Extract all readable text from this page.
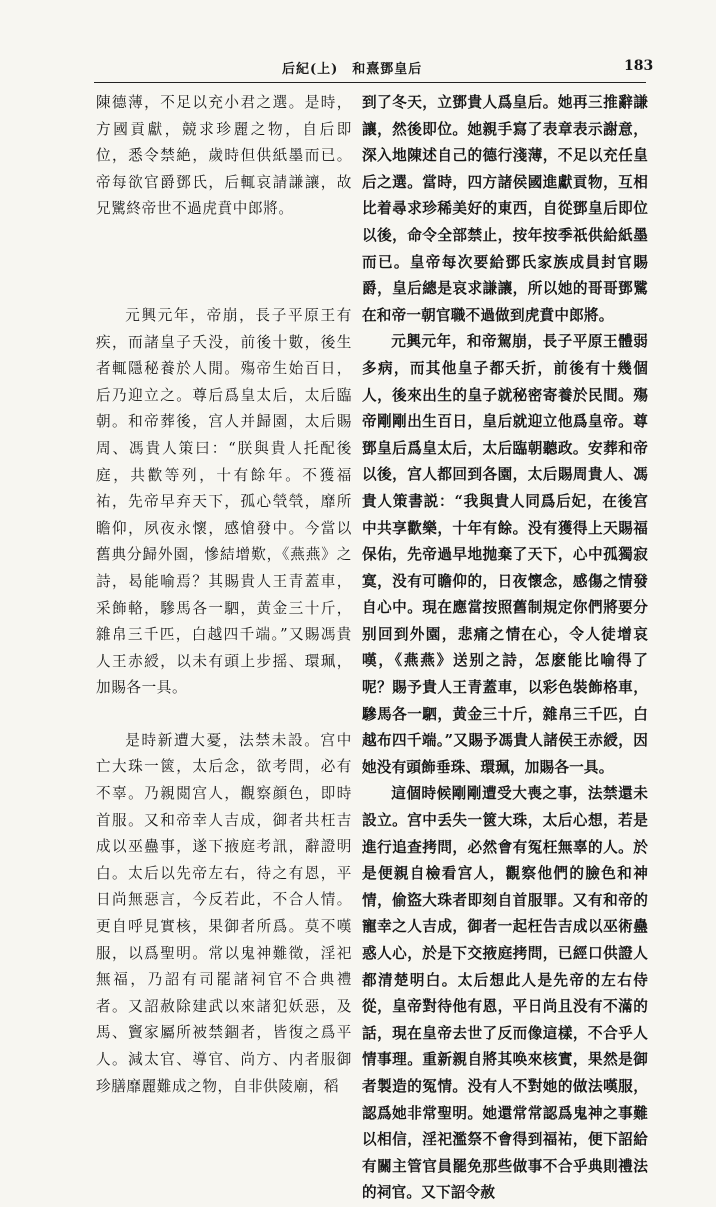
后紀(上)　和熹鄧皇后	183

陳德薄，不足以充小君之選。是時，方國貢獻，競求珍麗之物，自后即位，悉令禁絶，歲時但供紙墨而已。帝每欲官爵鄧氏，后輒哀請謙讓，故兄騭終帝世不過虎賁中郎將。

元興元年，帝崩，長子平原王有疾，而諸皇子夭没，前後十數，後生者輒隱秘養於人閒。殤帝生始百日，后乃迎立之。尊后爲皇太后，太后臨朝。和帝葬後，宫人并歸園，太后賜周、馮貴人策曰：“朕與貴人托配後庭，共歡等列，十有餘年。不獲福祐，先帝早弃天下，孤心煢煢，靡所瞻仰，夙夜永懷，感愴發中。今當以舊典分歸外園，慘結增歎，《燕燕》之詩，曷能喻焉？其賜貴人王青蓋車，采飾輅，驂馬各一駟，黄金三十斤，雜帛三千匹，白越四千端。”又賜馮貴人王赤綬，以未有頭上步摇、環珮，加賜各一具。

是時新遭大憂，法禁未設。宫中亡大珠一篋，太后念，欲考問，必有不辜。乃親閲宫人，觀察顔色，即時首服。又和帝幸人吉成，御者共枉吉成以巫蠱事，遂下掖庭考訊，辭證明白。太后以先帝左右，待之有恩，平日尚無惡言，今反若此，不合人情。更自呼見實核，果御者所爲。莫不嘆服，以爲聖明。常以鬼神難徵，淫祀無福，乃詔有司罷諸祠官不合典禮者。又詔赦除建武以來諸犯妖惡，及馬、竇家屬所被禁錮者，皆復之爲平人。減太官、導官、尚方、内者服御珍膳靡麗難成之物，自非供陵廟，稻

到了冬天，立鄧貴人爲皇后。她再三推辭謙讓，然後即位。她親手寫了表章表示謝意，深入地陳述自己的德行淺薄，不足以充任皇后之選。當時，四方諸侯國進獻貢物，互相比着尋求珍稀美好的東西，自從鄧皇后即位以後，命令全部禁止，按年按季祇供給紙墨而已。皇帝每次要給鄧氏家族成員封官賜爵，皇后總是哀求謙讓，所以她的哥哥鄧騭在和帝一朝官職不過做到虎賁中郎將。

元興元年，和帝駕崩，長子平原王體弱多病，而其他皇子都夭折，前後有十幾個人，後來出生的皇子就秘密寄養於民間。殤帝剛剛出生百日，皇后就迎立他爲皇帝。尊鄧皇后爲皇太后，太后臨朝聽政。安葬和帝以後，宫人都回到各園，太后賜周貴人、馮貴人策書説：“我與貴人同爲后妃，在後宫中共享歡樂，十年有餘。没有獲得上天賜福保佑，先帝過早地抛棄了天下，心中孤獨寂寞，没有可瞻仰的，日夜懷念，感傷之情發自心中。現在應當按照舊制規定你們將要分别回到外園，悲痛之情在心，令人徒增哀嘆，《燕燕》送别之詩，怎麽能比喻得了呢？賜予貴人王青蓋車，以彩色裝飾格車，驂馬各一駟，黄金三十斤，雜帛三千匹，白越布四千端。”又賜予馮貴人諸侯王赤綬，因她没有頭飾垂珠、環珮，加賜各一具。

這個時候剛剛遭受大喪之事，法禁還未設立。宫中丢失一篋大珠，太后心想，若是進行追查拷問，必然會有冤枉無辜的人。於是便親自檢看宫人，觀察他們的臉色和神情，偷盜大珠者即刻自首服罪。又有和帝的寵幸之人吉成，御者一起枉告吉成以巫術蠱惑人心，於是下交掖庭拷問，已經口供證人都清楚明白。太后想此人是先帝的左右侍從，皇帝對待他有恩，平日尚且没有不滿的話，現在皇帝去世了反而像這樣，不合乎人情事理。重新親自將其唤來核實，果然是御者製造的冤情。没有人不對她的做法嘆服，認爲她非常聖明。她還常常認爲鬼神之事難以相信，淫祀濫祭不會得到福祐，便下詔給有關主管官員罷免那些做事不合乎典則禮法的祠官。又下詔令赦
